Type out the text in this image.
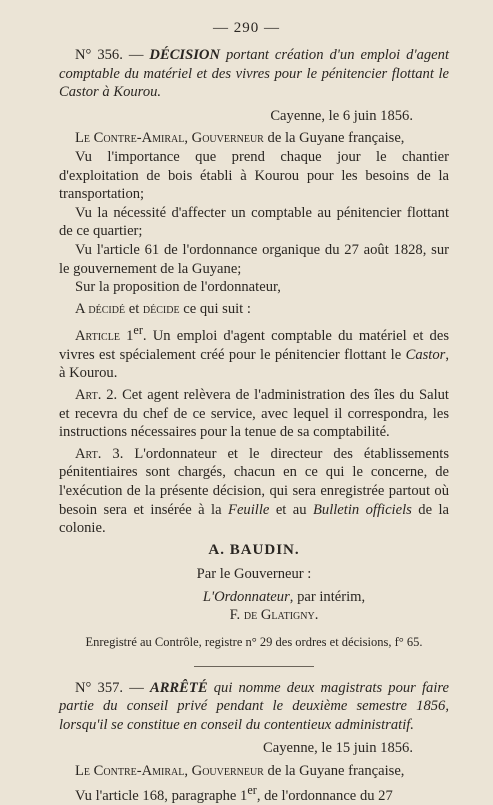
— 290 —

N° 356. — DÉCISION portant création d'un emploi d'agent comptable du matériel et des vivres pour le pénitencier flottant le Castor à Kourou.

Cayenne, le 6 juin 1856.

Le Contre-Amiral, Gouverneur de la Guyane française,

Vu l'importance que prend chaque jour le chantier d'exploitation de bois établi à Kourou pour les besoins de la transportation;

Vu la nécessité d'affecter un comptable au pénitencier flottant de ce quartier;

Vu l'article 61 de l'ordonnance organique du 27 août 1828, sur le gouvernement de la Guyane;

Sur la proposition de l'ordonnateur,

A décidé et décide ce qui suit :

Article 1er. Un emploi d'agent comptable du matériel et des vivres est spécialement créé pour le pénitencier flottant le Castor, à Kourou.

Art. 2. Cet agent relèvera de l'administration des îles du Salut et recevra du chef de ce service, avec lequel il correspondra, les instructions nécessaires pour la tenue de sa comptabilité.

Art. 3. L'ordonnateur et le directeur des établissements pénitentiaires sont chargés, chacun en ce qui le concerne, de l'exécution de la présente décision, qui sera enregistrée partout où besoin sera et insérée à la Feuille et au Bulletin officiels de la colonie.

A. BAUDIN.

Par le Gouverneur :

L'Ordonnateur, par intérim,

F. de Glatigny.

Enregistré au Contrôle, registre n° 29 des ordres et décisions, f° 65.

N° 357. — ARRÊTÉ qui nomme deux magistrats pour faire partie du conseil privé pendant le deuxième semestre 1856, lorsqu'il se constitue en conseil du contentieux administratif.

Cayenne, le 15 juin 1856.

Le Contre-Amiral, Gouverneur de la Guyane française,

Vu l'article 168, paragraphe 1er, de l'ordonnance du 27
